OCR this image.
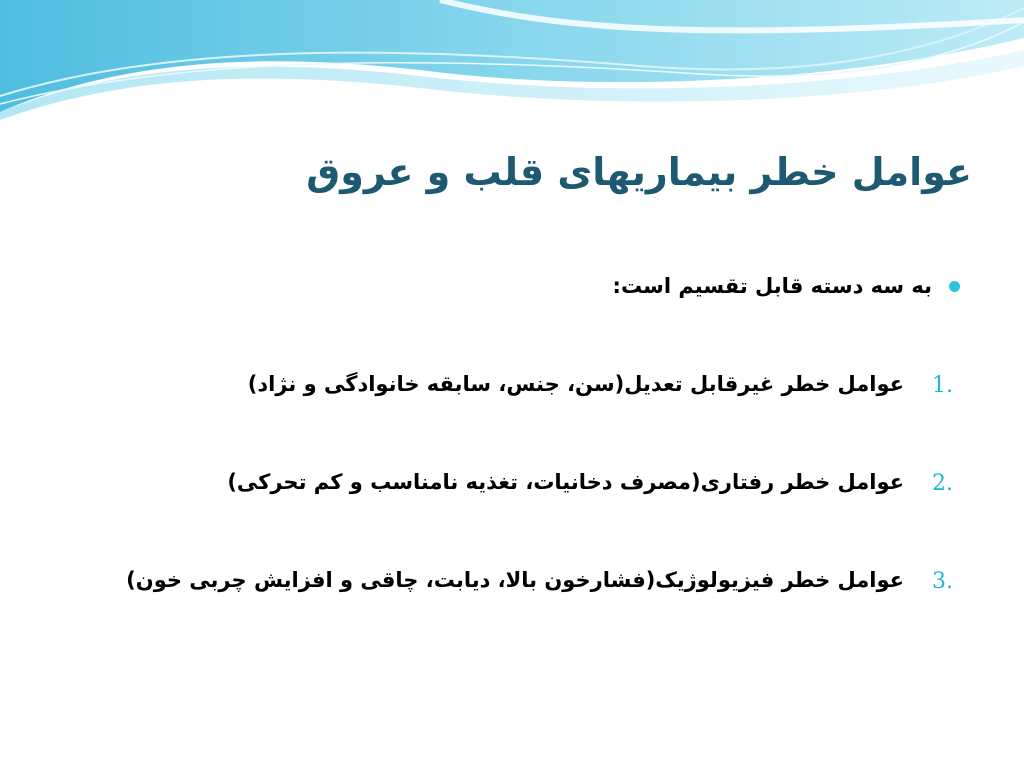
عوامل خطر بیماریهای قلب و عروق
به سه دسته قابل تقسیم است:
1.
عوامل خطر غیرقابل تعدیل(سن، جنس، سابقه خانوادگی و نژاد)
2.
عوامل خطر رفتاری(مصرف دخانیات، تغذیه نامناسب و کم تحرکی)
3.
عوامل خطر فیزیولوژیک(فشارخون بالا، دیابت، چاقی و افزایش چربی خون)
